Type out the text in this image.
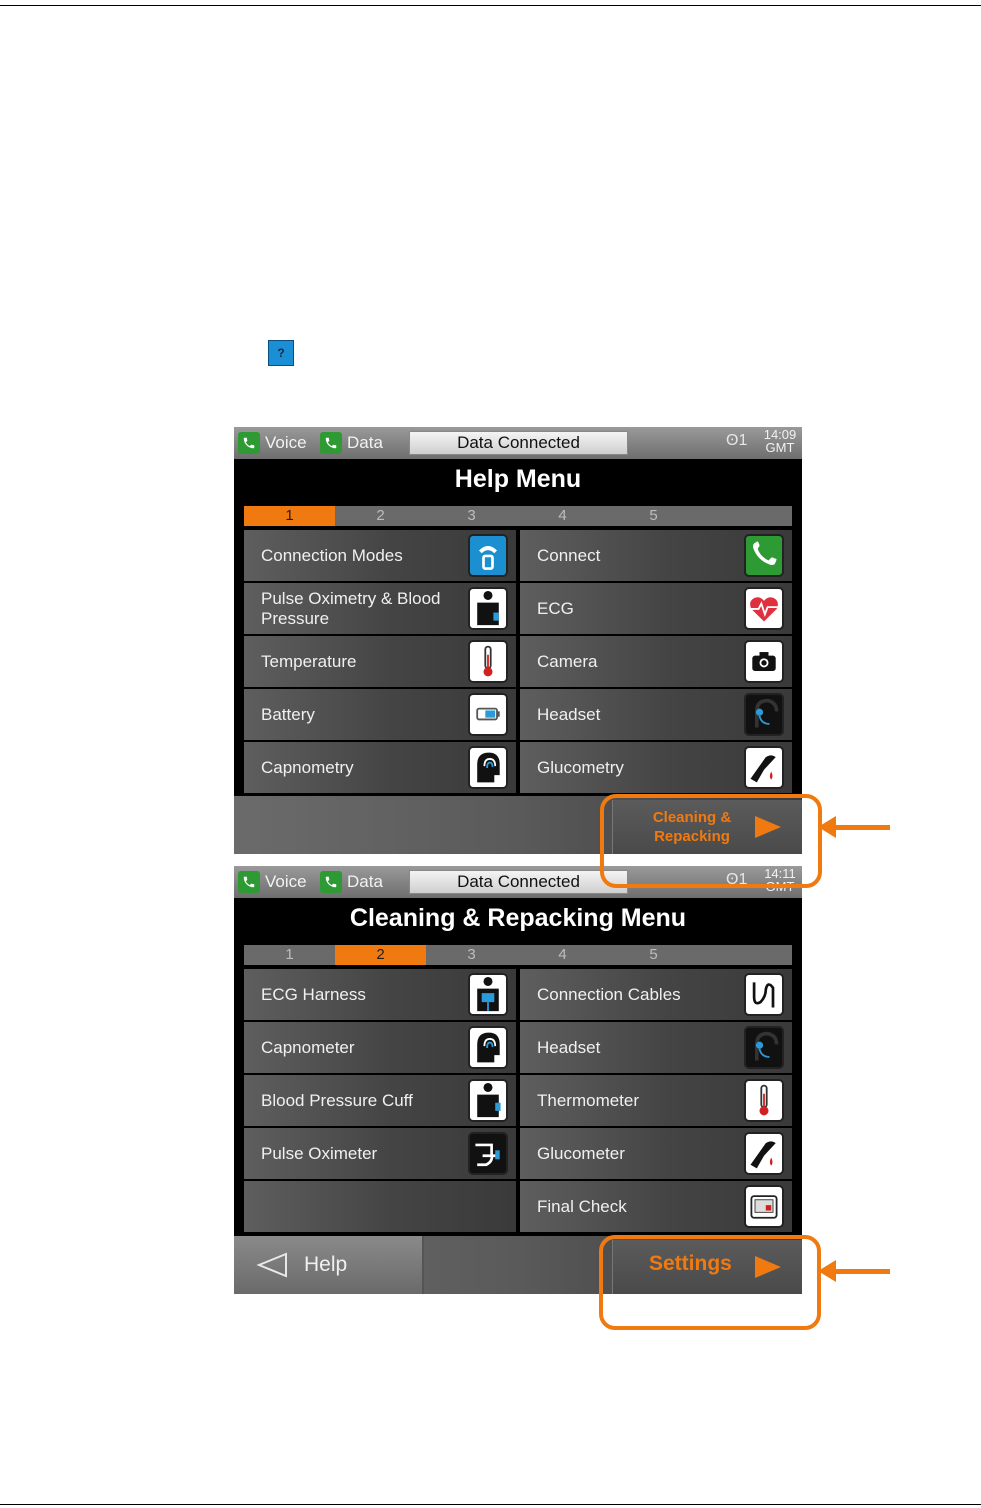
?
Voice Data	Data Connected	ʘ1	14:09
GMT
Help Menu
1	2	3	4	5
Connection Modes
Pulse Oximetry & Blood Pressure
Temperature
Battery
Capnometry
Connect
ECG
Camera
Headset
Glucometry
Cleaning & Repacking
Voice Data	Data Connected	ʘ1	14:11
GMT
Cleaning & Repacking Menu
1	2	3	4	5
ECG Harness
Capnometer
Blood Pressure Cuff
Pulse Oximeter
Connection Cables
Headset
Thermometer
Glucometer
Final Check
Help	Settings
